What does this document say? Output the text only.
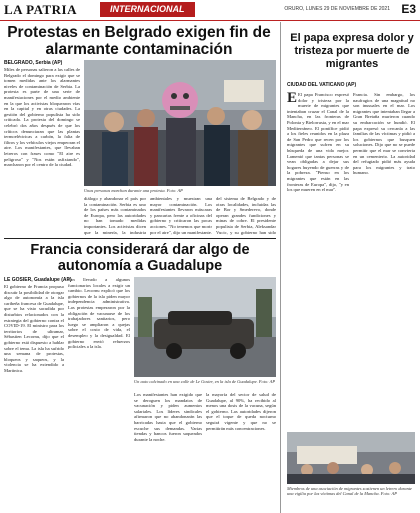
LA PATRIA	INTERNACIONAL	ORURO, LUNES 29 DE NOVIEMBRE DE 2021 E3
Protestas en Belgrado exigen fin de alarmante contaminación
BELGRADO, Serbia (AP)
Miles de personas salieron a las calles de Belgrado el domingo para exigir que se tomen medidas ante los alarmantes niveles de contaminación de Serbia. La protesta es parte de una serie de manifestaciones por el medio ambiente en la que los activistas bloquearon vías en la capital y en otras ciudades. La gestión del gobierno populista ha sido criticada. La protesta del domingo se celebró dos años después de que los críticos denunciaran que las plantas termoeléctricas a carbón, la falta de filtros y los vehículos viejos empeoran el aire. Los manifestantes, que llevaban letreros con frases como "El aire es peligroso" y "Nos están asfixiando", marcharon por el centro de la ciudad.
Unas personas marchan durante una protesta. Foto: AP
diálogo y abandonar el país por la contaminación. Serbia es uno de los países más contaminados de Europa, pero las autoridades no han tomado medidas importantes. Los activistas dicen que la minería, la industria
ambientales y muestran una mayor contaminación. Los manifestantes llevaron máscaras y pancartas frente a oficinas del gobierno y criticaron las pocas acciones. "No tenemos que morir por el aire", dijo un manifestante.
del sistema de Belgrado y de otras localidades, incluidas las de Bor y Smederevo, donde operan grandes fundiciones y minas de cobre. El presidente populista de Serbia, Aleksandar Vucic, y su gobierno han sido
Francia considerará dar algo de autonomía a Guadalupe
LE GOSIER, Guadalupe (AP)
El gobierno de Francia propuso discutir la posibilidad de otorgar algo de autonomía a la isla caribeña francesa de Guadalupe, que se ha visto sacudida por disturbios relacionados con la estrategia del gobierno contra el COVID-19. El ministro para los territorios de ultramar, Sébastien Lecornu, dijo que el gobierno está dispuesto a hablar sobre el tema. La isla ha sufrido una semana de protestas, bloqueos y saqueos, y la violencia se ha extendido a Martinica.
han llevado a algunos funcionarios locales a exigir un cambio. Lecornu explicó que los gobiernos de la isla piden mayor independencia administrativa. Las protestas empezaron por la obligación de vacunarse de los trabajadores sanitarios, pero luego se ampliaron a quejas sobre el costo de vida, el desempleo y la desigualdad. El gobierno envió refuerzos policiales a la isla.
Un auto calcinado en una calle de Le Gosier, en la isla de Guadalupe. Foto: AP
Los manifestantes han exigido que se deroguen los mandatos de vacunación y piden aumentos salariales. Los líderes sindicales afirmaron que no abandonarán las barricadas hasta que el gobierno escuche sus demandas. Varias tiendas y bancos fueron saqueados durante la noche.
la mayoría del sector de salud de Guadalupe, al 90%, ha recibido al menos una dosis de la vacuna, según el gobierno. Las autoridades dijeron que el toque de queda nocturno seguirá vigente y que no se permitirán más concentraciones.
El papa expresa dolor y tristeza por muerte de migrantes
CIUDAD DEL VATICANO (AP)
E El papa Francisco expresó dolor y tristeza por la muerte de migrantes que intentaban cruzar el Canal de la Mancha, en las fronteras de Polonia y Bielorrusia, y en el mar Mediterráneo. El pontífice pidió a los fieles reunidos en la plaza de San Pedro que recen por los migrantes que sufren en su búsqueda de una vida mejor. Lamentó que tantas personas se vean obligadas a dejar sus hogares huyendo de guerras y de la pobreza. "Pienso en los migrantes que están en las fronteras de Europa", dijo, "y en los que mueren en el mar".
Francia. Sin embargo, los naufragios de una magnitud no son inusuales en el mar. Los migrantes que intentaban llegar a Gran Bretaña murieron cuando su embarcación se hundió. El papa expresó su cercanía a las familias de las víctimas y pidió a los gobiernos que busquen soluciones. Dijo que no se puede permitir que el mar se convierta en un cementerio. La autoridad del refugiado pidió más ayuda para los migrantes y trato humano.
Miembros de una asociación de migrantes sostienen un letrero durante una vigilia por las víctimas del Canal de la Mancha. Foto: AP
